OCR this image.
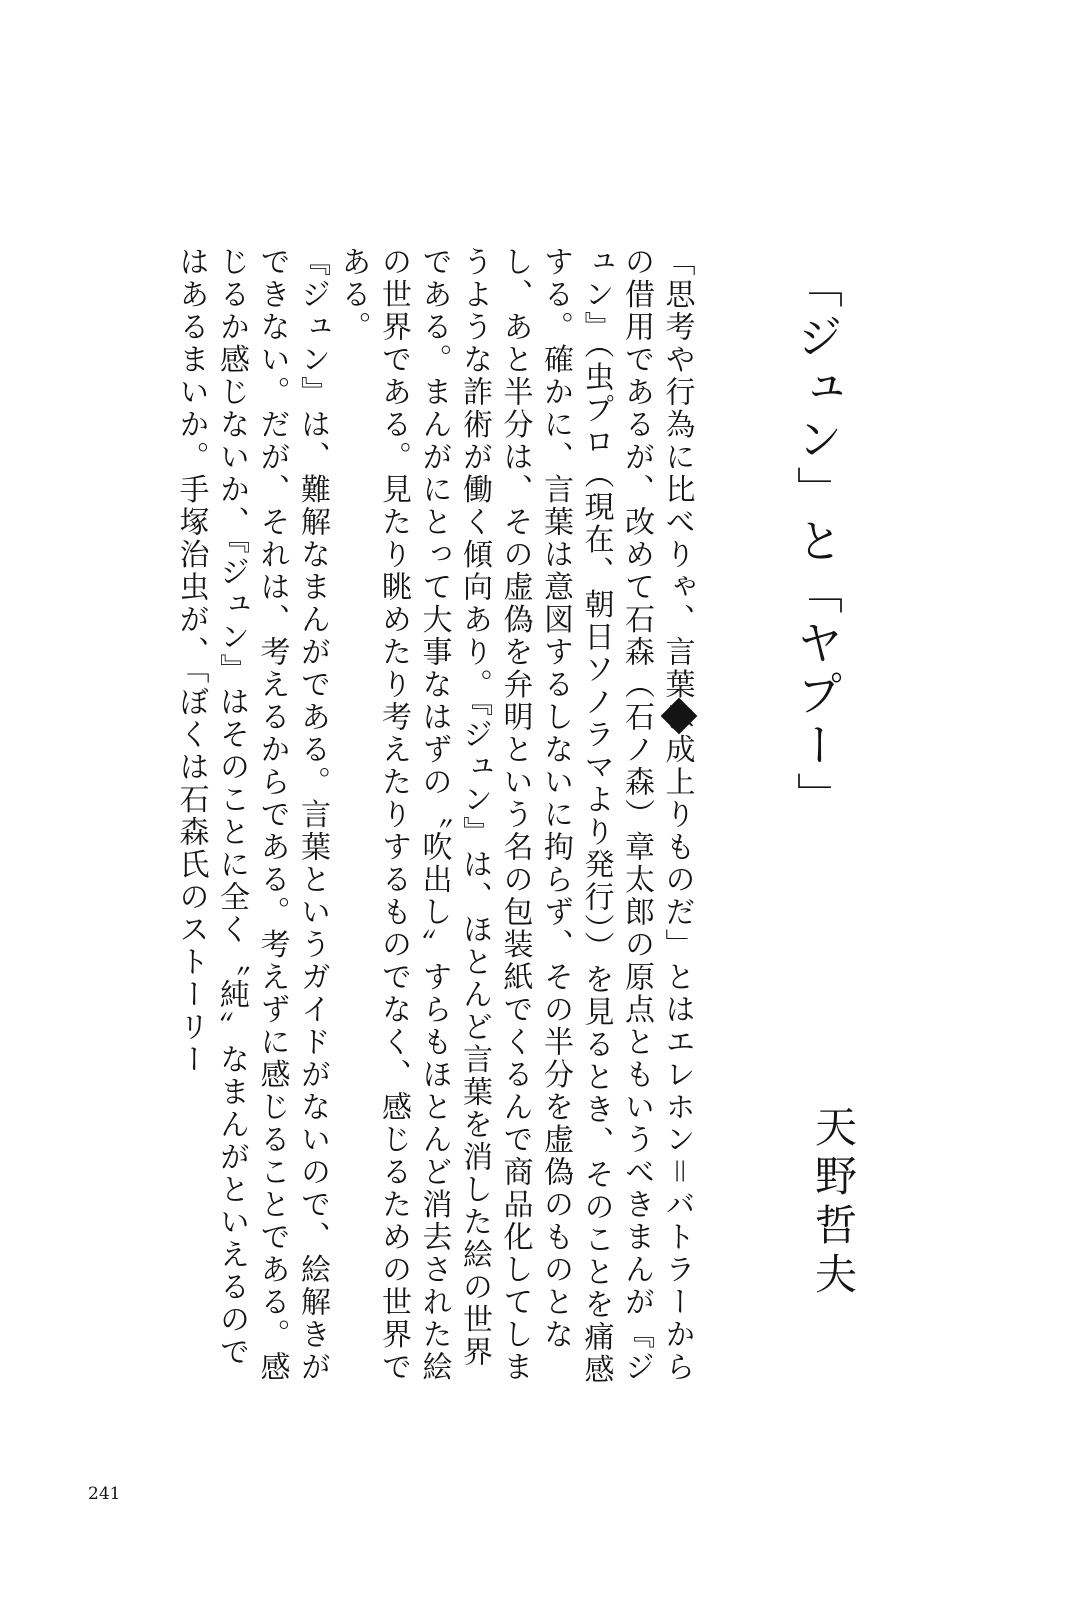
「ジュン」と「ヤプー」
天野哲夫

「思考や行為に比べりゃ、言葉は成上りものだ」とはエレホン＝バトラーからの借用であるが、改めて石森（石ノ森）章太郎の原点ともいうべきまんが『ジュン』（虫プロ（現在、朝日ソノラマより発行））を見るとき、そのことを痛感する。確かに、言葉は意図するしないに拘らず、その半分を虚偽のものとなし、あと半分は、その虚偽を弁明という名の包装紙でくるんで商品化してしまうような詐術が働く傾向あり。『ジュン』は、ほとんど言葉を消した絵の世界である。まんがにとって大事なはずの〝吹出し〟すらもほとんど消去された絵の世界である。見たり眺めたり考えたりするものでなく、感じるための世界である。

『ジュン』は、難解なまんがである。言葉というガイドがないので、絵解きができない。だが、それは、考えるからである。考えずに感じることである。感じるか感じないか、『ジュン』はそのことに全く〝純〟なまんがといえるのではあるまいか。手塚治虫が、「ぼくは石森氏のストーリー

241
